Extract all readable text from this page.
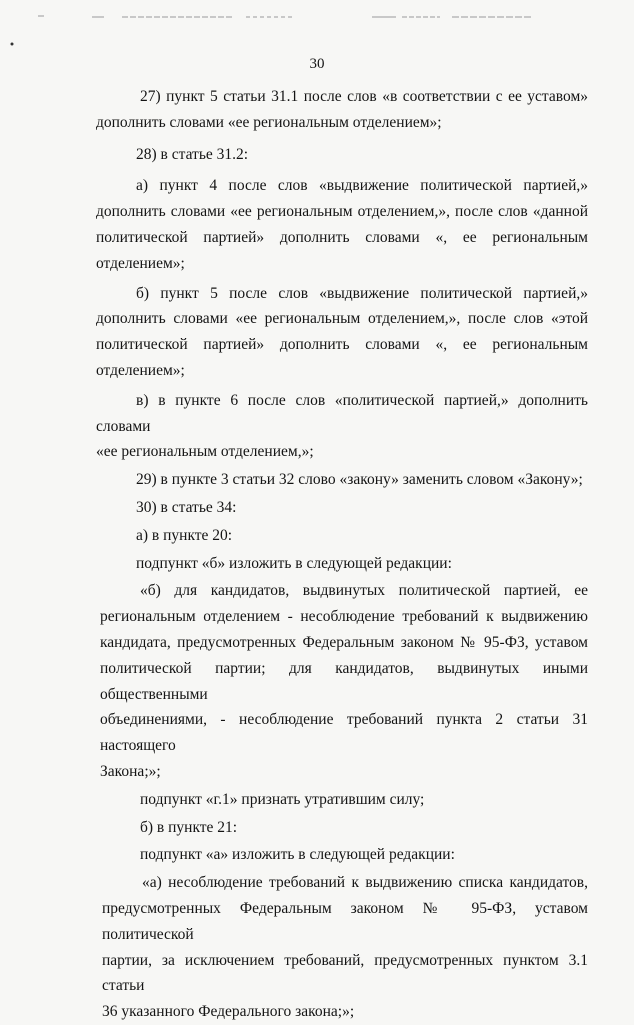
30
27) пункт 5 статьи 31.1 после слов «в соответствии с ее уставом»
дополнить словами «ее региональным отделением»;
28) в статье 31.2:
а) пункт 4 после слов «выдвижение политической партией,»
дополнить словами «ее региональным отделением,», после слов «данной
политической партией» дополнить словами «, ее региональным
отделением»;
б) пункт 5 после слов «выдвижение политической партией,»
дополнить словами «ее региональным отделением,», после слов «этой
политической партией» дополнить словами «, ее региональным
отделением»;
в) в пункте 6 после слов «политической партией,» дополнить словами
«ее региональным отделением,»;
29) в пункте 3 статьи 32 слово «закону» заменить словом «Закону»;
30) в статье 34:
а) в пункте 20:
подпункт «б» изложить в следующей редакции:
«б) для кандидатов, выдвинутых политической партией, ее
региональным отделением - несоблюдение требований к выдвижению
кандидата, предусмотренных Федеральным законом № 95-ФЗ, уставом
политической партии; для кандидатов, выдвинутых иными общественными
объединениями, - несоблюдение требований пункта 2 статьи 31 настоящего
Закона;»;
подпункт «г.1» признать утратившим силу;
б) в пункте 21:
подпункт «а» изложить в следующей редакции:
«а) несоблюдение требований к выдвижению списка кандидатов,
предусмотренных Федеральным законом № 95-ФЗ, уставом политической
партии, за исключением требований, предусмотренных пунктом 3.1 статьи
36 указанного Федерального закона;»;
